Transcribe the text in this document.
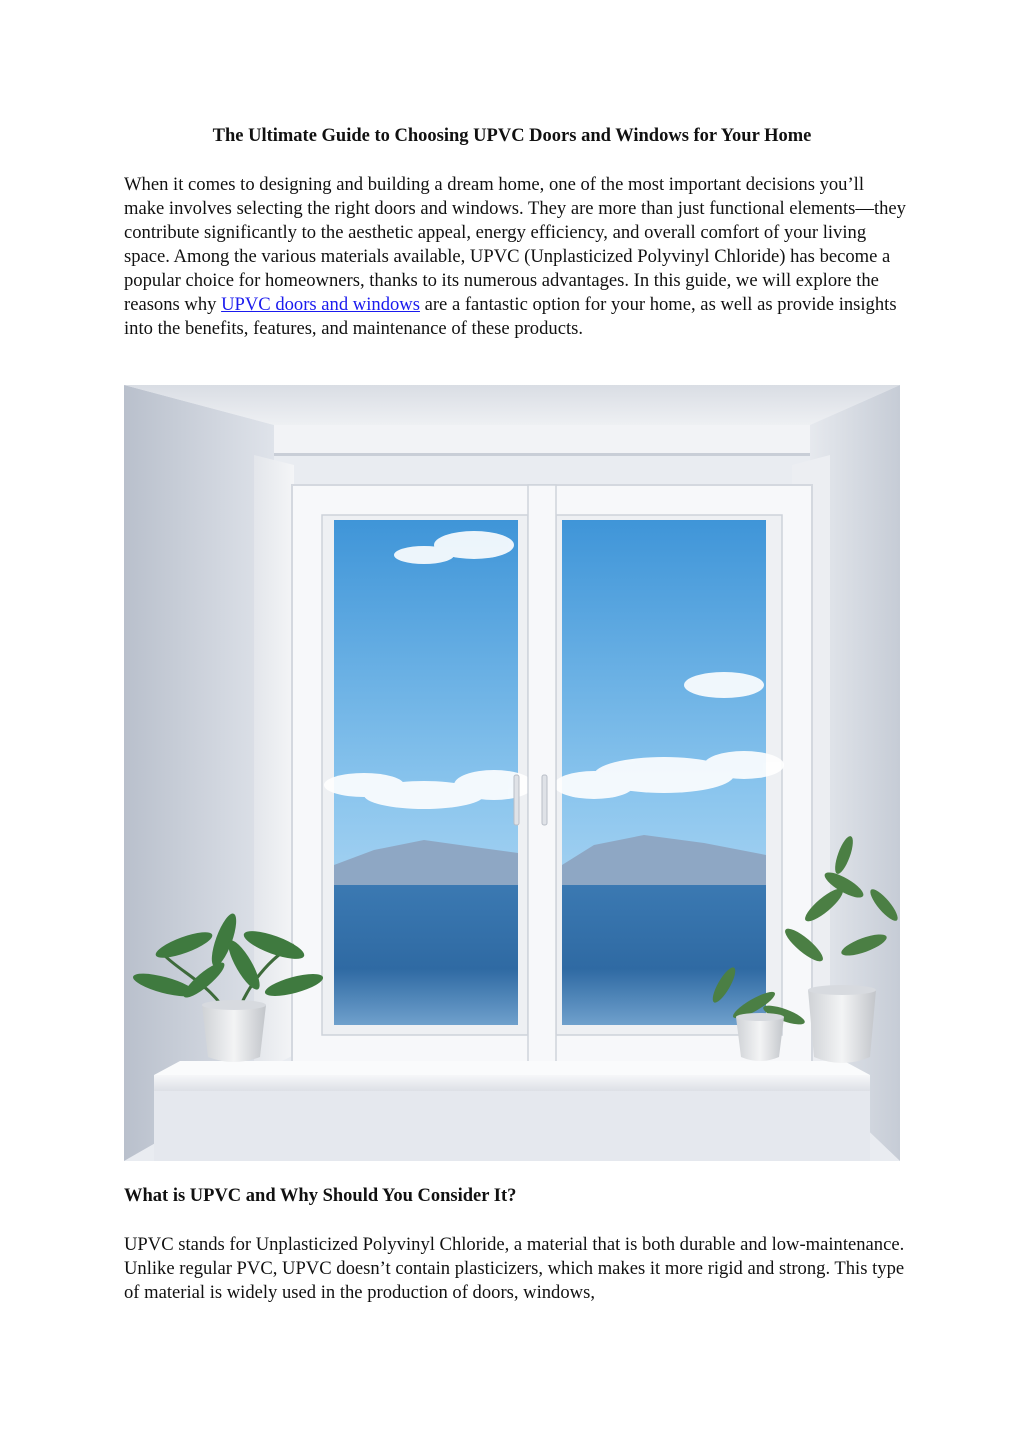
The Ultimate Guide to Choosing UPVC Doors and Windows for Your Home

When it comes to designing and building a dream home, one of the most important decisions you’ll make involves selecting the right doors and windows. They are more than just functional elements—they contribute significantly to the aesthetic appeal, energy efficiency, and overall comfort of your living space. Among the various materials available, UPVC (Unplasticized Polyvinyl Chloride) has become a popular choice for homeowners, thanks to its numerous advantages. In this guide, we will explore the reasons why UPVC doors and windows are a fantastic option for your home, as well as provide insights into the benefits, features, and maintenance of these products.

What is UPVC and Why Should You Consider It?

UPVC stands for Unplasticized Polyvinyl Chloride, a material that is both durable and low-maintenance. Unlike regular PVC, UPVC doesn’t contain plasticizers, which makes it more rigid and strong. This type of material is widely used in the production of doors, windows,
